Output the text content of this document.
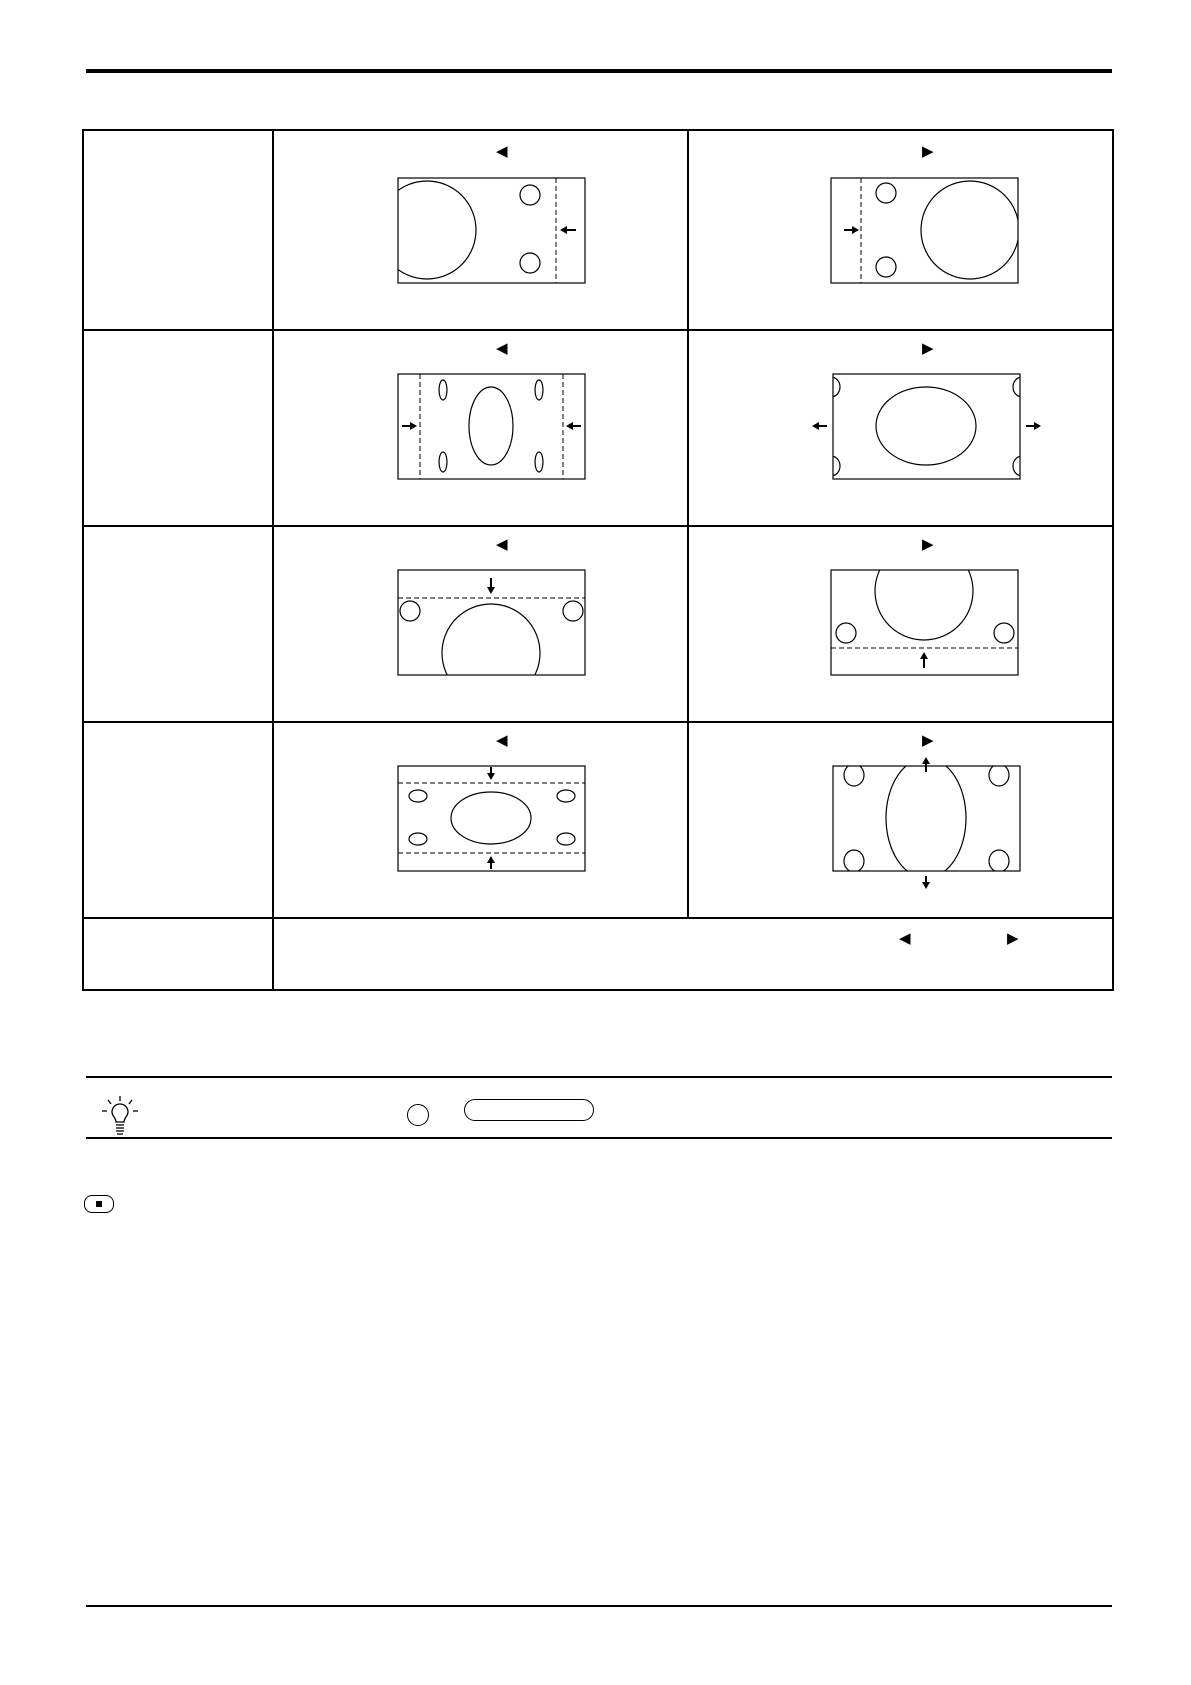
◀	▶
◀	▶
◀	▶
◀	▶
◀	▶
